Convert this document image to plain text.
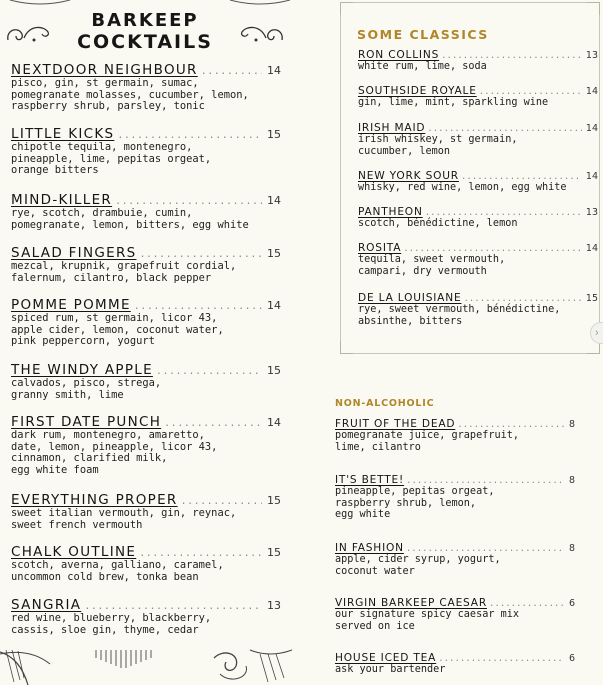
BARKEEP
COCKTAILS
NEXTDOOR NEIGHBOUR .....	14
pisco, gin, st germain, sumac,
pomegranate molasses, cucumber, lemon,
raspberry shrub, parsley, tonic
LITTLE KICKS .....	15
chipotle tequila, montenegro,
pineapple, lime, pepitas orgeat,
orange bitters
MIND-KILLER .....	14
rye, scotch, drambuie, cumin,
pomegranate, lemon, bitters, egg white
SALAD FINGERS .....	15
mezcal, krupnik, grapefruit cordial,
falernum, cilantro, black pepper
POMME POMME .....	14
spiced rum, st germain, licor 43,
apple cider, lemon, coconut water,
pink peppercorn, yogurt
THE WINDY APPLE .....	15
calvados, pisco, strega,
granny smith, lime
FIRST DATE PUNCH .....	14
dark rum, montenegro, amaretto,
date, lemon, pineapple, licor 43,
cinnamon, clarified milk,
egg white foam
EVERYTHING PROPER .....	15
sweet italian vermouth, gin, reynac,
sweet french vermouth
CHALK OUTLINE .....	15
scotch, averna, galliano, caramel,
uncommon cold brew, tonka bean
SANGRIA .....	13
red wine, blueberry, blackberry,
cassis, sloe gin, thyme, cedar
SOME CLASSICS
RON COLLINS .....	13
white rum, lime, soda
SOUTHSIDE ROYALE .....	14
gin, lime, mint, sparkling wine
IRISH MAID .....	14
irish whiskey, st germain,
cucumber, lemon
NEW YORK SOUR .....	14
whisky, red wine, lemon, egg white
PANTHEON .....	13
scotch, bénédictine, lemon
ROSITA .....	14
tequila, sweet vermouth,
campari, dry vermouth
DE LA LOUISIANE .....	15
rye, sweet vermouth, bénédictine,
absinthe, bitters
›
NON-ALCOHOLIC
FRUIT OF THE DEAD .....	8
pomegranate juice, grapefruit,
lime, cilantro
IT'S BETTE! .....	8
pineapple, pepitas orgeat,
raspberry shrub, lemon,
egg white
IN FASHION .....	8
apple, cider syrup, yogurt,
coconut water
VIRGIN BARKEEP CAESAR .....	6
our signature spicy caesar mix
served on ice
HOUSE ICED TEA .....	6
ask your bartender
